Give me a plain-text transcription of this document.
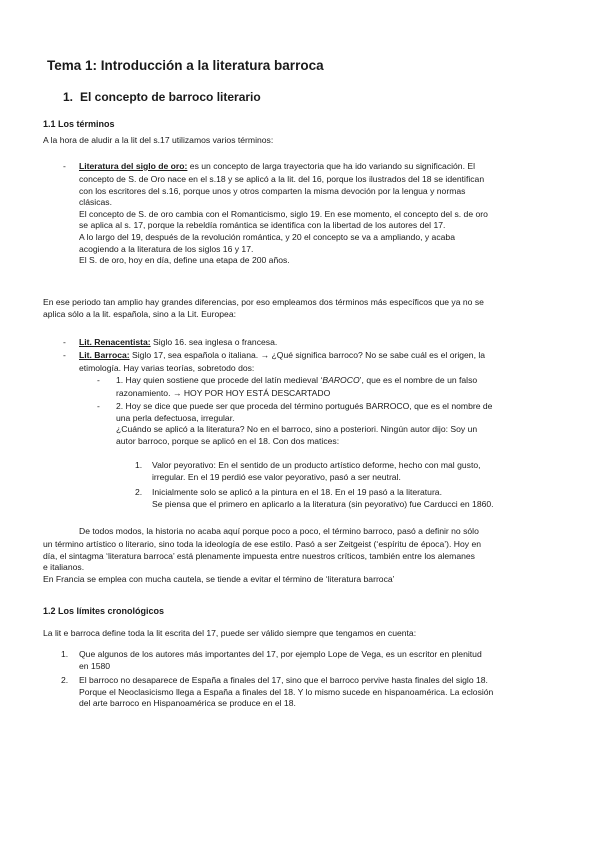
Tema 1: Introducción a la literatura barroca
1. El concepto de barroco literario
1.1 Los términos
A la hora de aludir a la lit del s.17 utilizamos varios términos:
- Literatura del siglo de oro: es un concepto de larga trayectoria que ha ido variando su significación. El
concepto de S. de Oro nace en el s.18 y se aplicó a la lit. del 16, porque los ilustrados del 18 se identifican
con los escritores del s.16, porque unos y otros comparten la misma devoción por la lengua y normas
clásicas.
El concepto de S. de oro cambia con el Romanticismo, siglo 19. En ese momento, el concepto del s. de oro
se aplica al s. 17, porque la rebeldía romántica se identifica con la libertad de los autores del 17.
A lo largo del 19, después de la revolución romántica, y 20 el concepto se va a ampliando, y acaba
acogiendo a la literatura de los siglos 16 y 17.
El S. de oro, hoy en día, define una etapa de 200 años.
En ese periodo tan amplio hay grandes diferencias, por eso empleamos dos términos más específicos que ya no se
aplica sólo a la lit. española, sino a la Lit. Europea:
- Lit. Renacentista: Siglo 16. sea inglesa o francesa.
- Lit. Barroca: Siglo 17, sea española o italiana. → ¿Qué significa barroco? No se sabe cuál es el origen, la
etimología. Hay varias teorías, sobretodo dos:
- 1. Hay quien sostiene que procede del latín medieval ‘BAROCO’, que es el nombre de un falso
razonamiento. → HOY POR HOY ESTÁ DESCARTADO
- 2. Hoy se dice que puede ser que proceda del término portugués BARROCO, que es el nombre de
una perla defectuosa, irregular.
¿Cuándo se aplicó a la literatura? No en el barroco, sino a posteriori. Ningún autor dijo: Soy un
autor barroco, porque se aplicó en el 18. Con dos matices:
1. Valor peyorativo: En el sentido de un producto artístico deforme, hecho con mal gusto,
irregular. En el 19 perdió ese valor peyorativo, pasó a ser neutral.
2. Inicialmente solo se aplicó a la pintura en el 18. En el 19 pasó a la literatura.
Se piensa que el primero en aplicarlo a la literatura (sin peyorativo) fue Carducci en 1860.
De todos modos, la historia no acaba aquí porque poco a poco, el término barroco, pasó a definir no sólo
un término artístico o literario, sino toda la ideología de ese estilo. Pasó a ser Zeitgeist (‘espíritu de época’). Hoy en
día, el sintagma ‘literatura barroca’ está plenamente impuesta entre nuestros críticos, también entre los alemanes
e italianos.
En Francia se emplea con mucha cautela, se tiende a evitar el término de ‘literatura barroca’
1.2 Los límites cronológicos
La lit e barroca define toda la lit escrita del 17, puede ser válido siempre que tengamos en cuenta:
1. Que algunos de los autores más importantes del 17, por ejemplo Lope de Vega, es un escritor en plenitud
en 1580
2. El barroco no desaparece de España a finales del 17, sino que el barroco pervive hasta finales del siglo 18.
Porque el Neoclasicismo llega a España a finales del 18. Y lo mismo sucede en hispanoamérica. La eclosión
del arte barroco en Hispanoamérica se produce en el 18.
